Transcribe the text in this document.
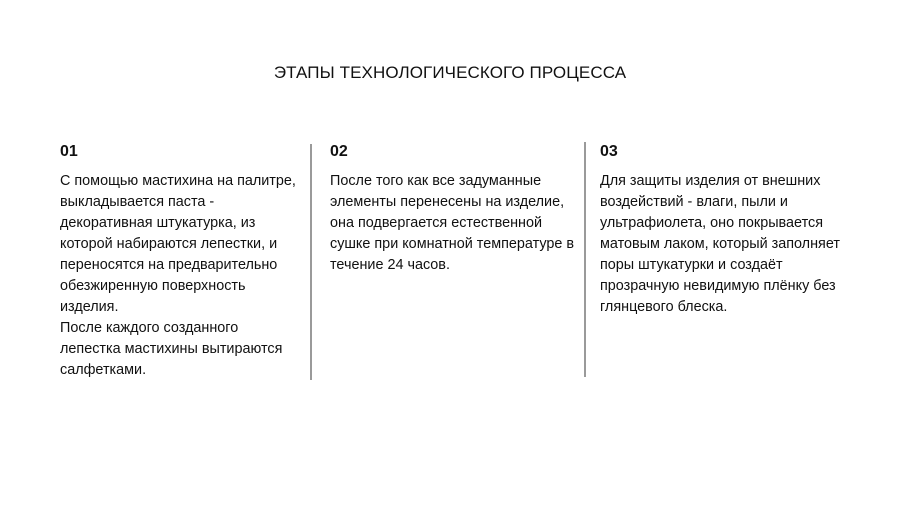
ЭТАПЫ ТЕХНОЛОГИЧЕСКОГО ПРОЦЕССА
01

С помощью мастихина на палитре, выкладывается паста - декоративная штукатурка, из которой набираются лепестки, и переносятся на предварительно обезжиренную поверхность изделия.

После каждого созданного лепестка мастихины вытираются салфетками.

02

После того как все задуманные элементы перенесены на изделие, она подвергается естественной сушке при комнатной температуре в течение 24 часов.

03

Для защиты изделия от внешних воздействий - влаги, пыли и ультрафиолета, оно покрывается матовым лаком, который заполняет поры штукатурки и создаёт прозрачную невидимую плёнку без глянцевого блеска.
